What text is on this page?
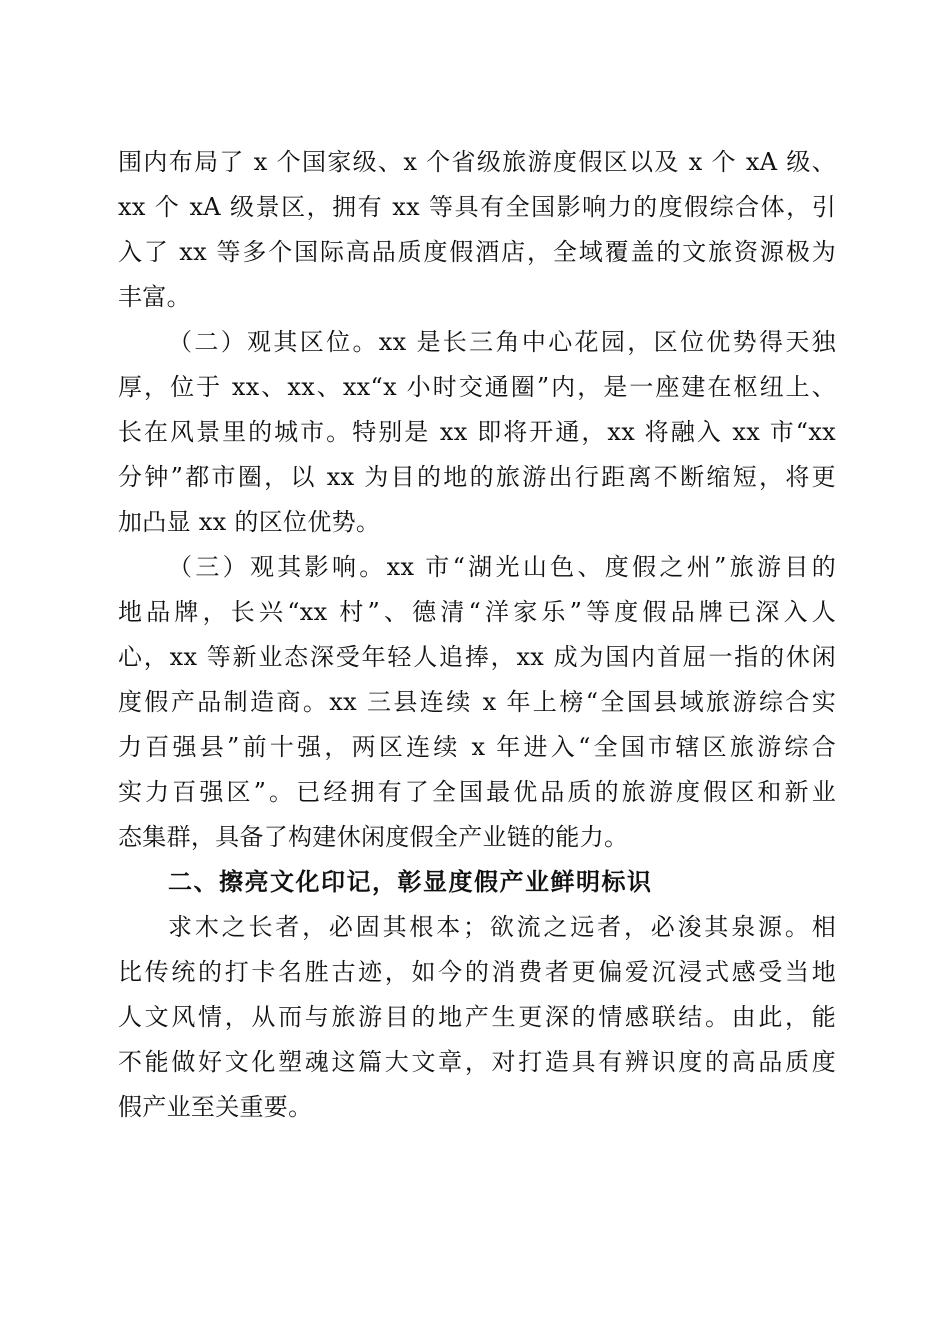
围内布局了 x 个国家级、x 个省级旅游度假区以及 x 个 xA 级、
xx 个 xA 级景区，拥有 xx 等具有全国影响力的度假综合体，引
入了 xx 等多个国际高品质度假酒店，全域覆盖的文旅资源极为
丰富。
（二）观其区位。xx 是长三角中心花园，区位优势得天独
厚，位于 xx、xx、xx“x 小时交通圈”内，是一座建在枢纽上、
长在风景里的城市。特别是 xx 即将开通，xx 将融入 xx 市“xx
分钟”都市圈，以 xx 为目的地的旅游出行距离不断缩短，将更
加凸显 xx 的区位优势。
（三）观其影响。xx 市“湖光山色、度假之州”旅游目的
地品牌，长兴“xx 村”、德清“洋家乐”等度假品牌已深入人
心，xx 等新业态深受年轻人追捧，xx 成为国内首屈一指的休闲
度假产品制造商。xx 三县连续 x 年上榜“全国县域旅游综合实
力百强县”前十强，两区连续 x 年进入“全国市辖区旅游综合
实力百强区”。已经拥有了全国最优品质的旅游度假区和新业
态集群，具备了构建休闲度假全产业链的能力。
二、擦亮文化印记，彰显度假产业鲜明标识
求木之长者，必固其根本；欲流之远者，必浚其泉源。相
比传统的打卡名胜古迹，如今的消费者更偏爱沉浸式感受当地
人文风情，从而与旅游目的地产生更深的情感联结。由此，能
不能做好文化塑魂这篇大文章，对打造具有辨识度的高品质度
假产业至关重要。
